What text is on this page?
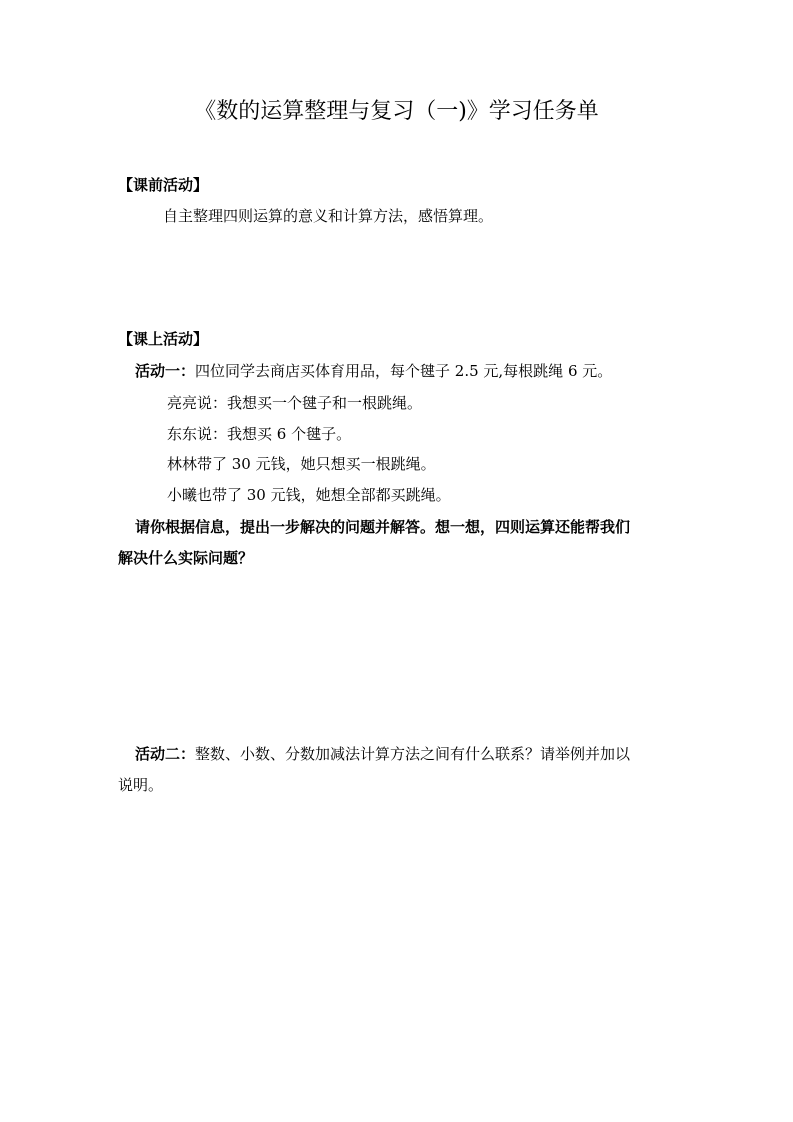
《数的运算整理与复习（一)》学习任务单
【课前活动】
自主整理四则运算的意义和计算方法，感悟算理。
【课上活动】
活动一：四位同学去商店买体育用品，每个毽子 2.5 元,每根跳绳 6 元。
亮亮说：我想买一个毽子和一根跳绳。
东东说：我想买 6 个毽子。
林林带了 30 元钱，她只想买一根跳绳。
小曦也带了 30 元钱，她想全部都买跳绳。
请你根据信息，提出一步解决的问题并解答。想一想，四则运算还能帮我们
解决什么实际问题？
活动二：整数、小数、分数加减法计算方法之间有什么联系？请举例并加以
说明。
